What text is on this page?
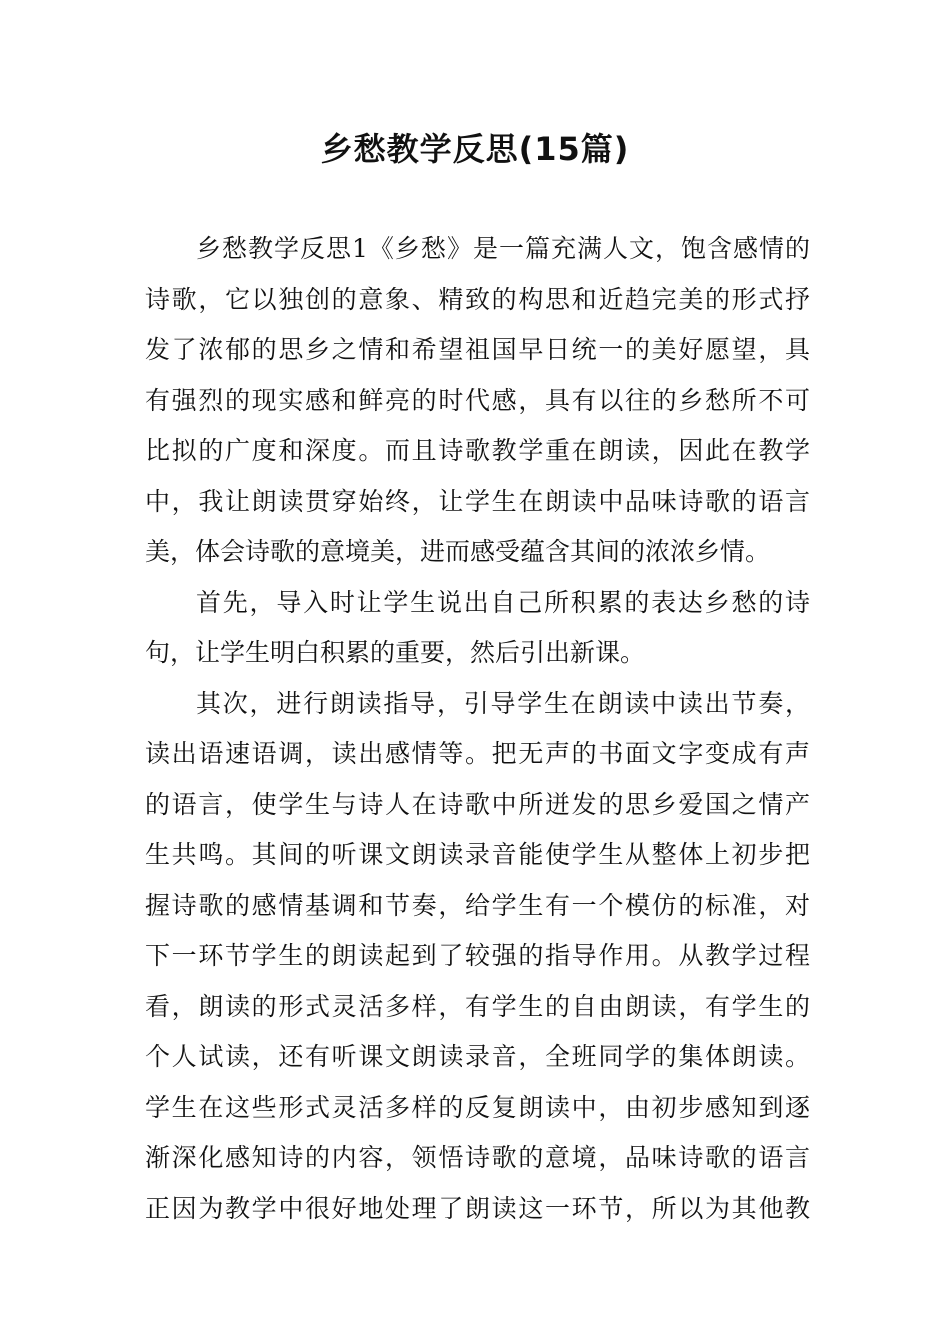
乡愁教学反思(15篇)
乡愁教学反思1《乡愁》是一篇充满人文，饱含感情的
诗歌，它以独创的意象、精致的构思和近趋完美的形式抒
发了浓郁的思乡之情和希望祖国早日统一的美好愿望，具
有强烈的现实感和鲜亮的时代感，具有以往的乡愁所不可
比拟的广度和深度。而且诗歌教学重在朗读，因此在教学
中，我让朗读贯穿始终，让学生在朗读中品味诗歌的语言
美，体会诗歌的意境美，进而感受蕴含其间的浓浓乡情。
首先，导入时让学生说出自己所积累的表达乡愁的诗
句，让学生明白积累的重要，然后引出新课。
其次，进行朗读指导，引导学生在朗读中读出节奏，
读出语速语调，读出感情等。把无声的书面文字变成有声
的语言，使学生与诗人在诗歌中所迸发的思乡爱国之情产
生共鸣。其间的听课文朗读录音能使学生从整体上初步把
握诗歌的感情基调和节奏，给学生有一个模仿的标准，对
下一环节学生的朗读起到了较强的指导作用。从教学过程
看，朗读的形式灵活多样，有学生的自由朗读，有学生的
个人试读，还有听课文朗读录音，全班同学的集体朗读。
学生在这些形式灵活多样的反复朗读中，由初步感知到逐
渐深化感知诗的内容，领悟诗歌的意境，品味诗歌的语言
正因为教学中很好地处理了朗读这一环节，所以为其他教
